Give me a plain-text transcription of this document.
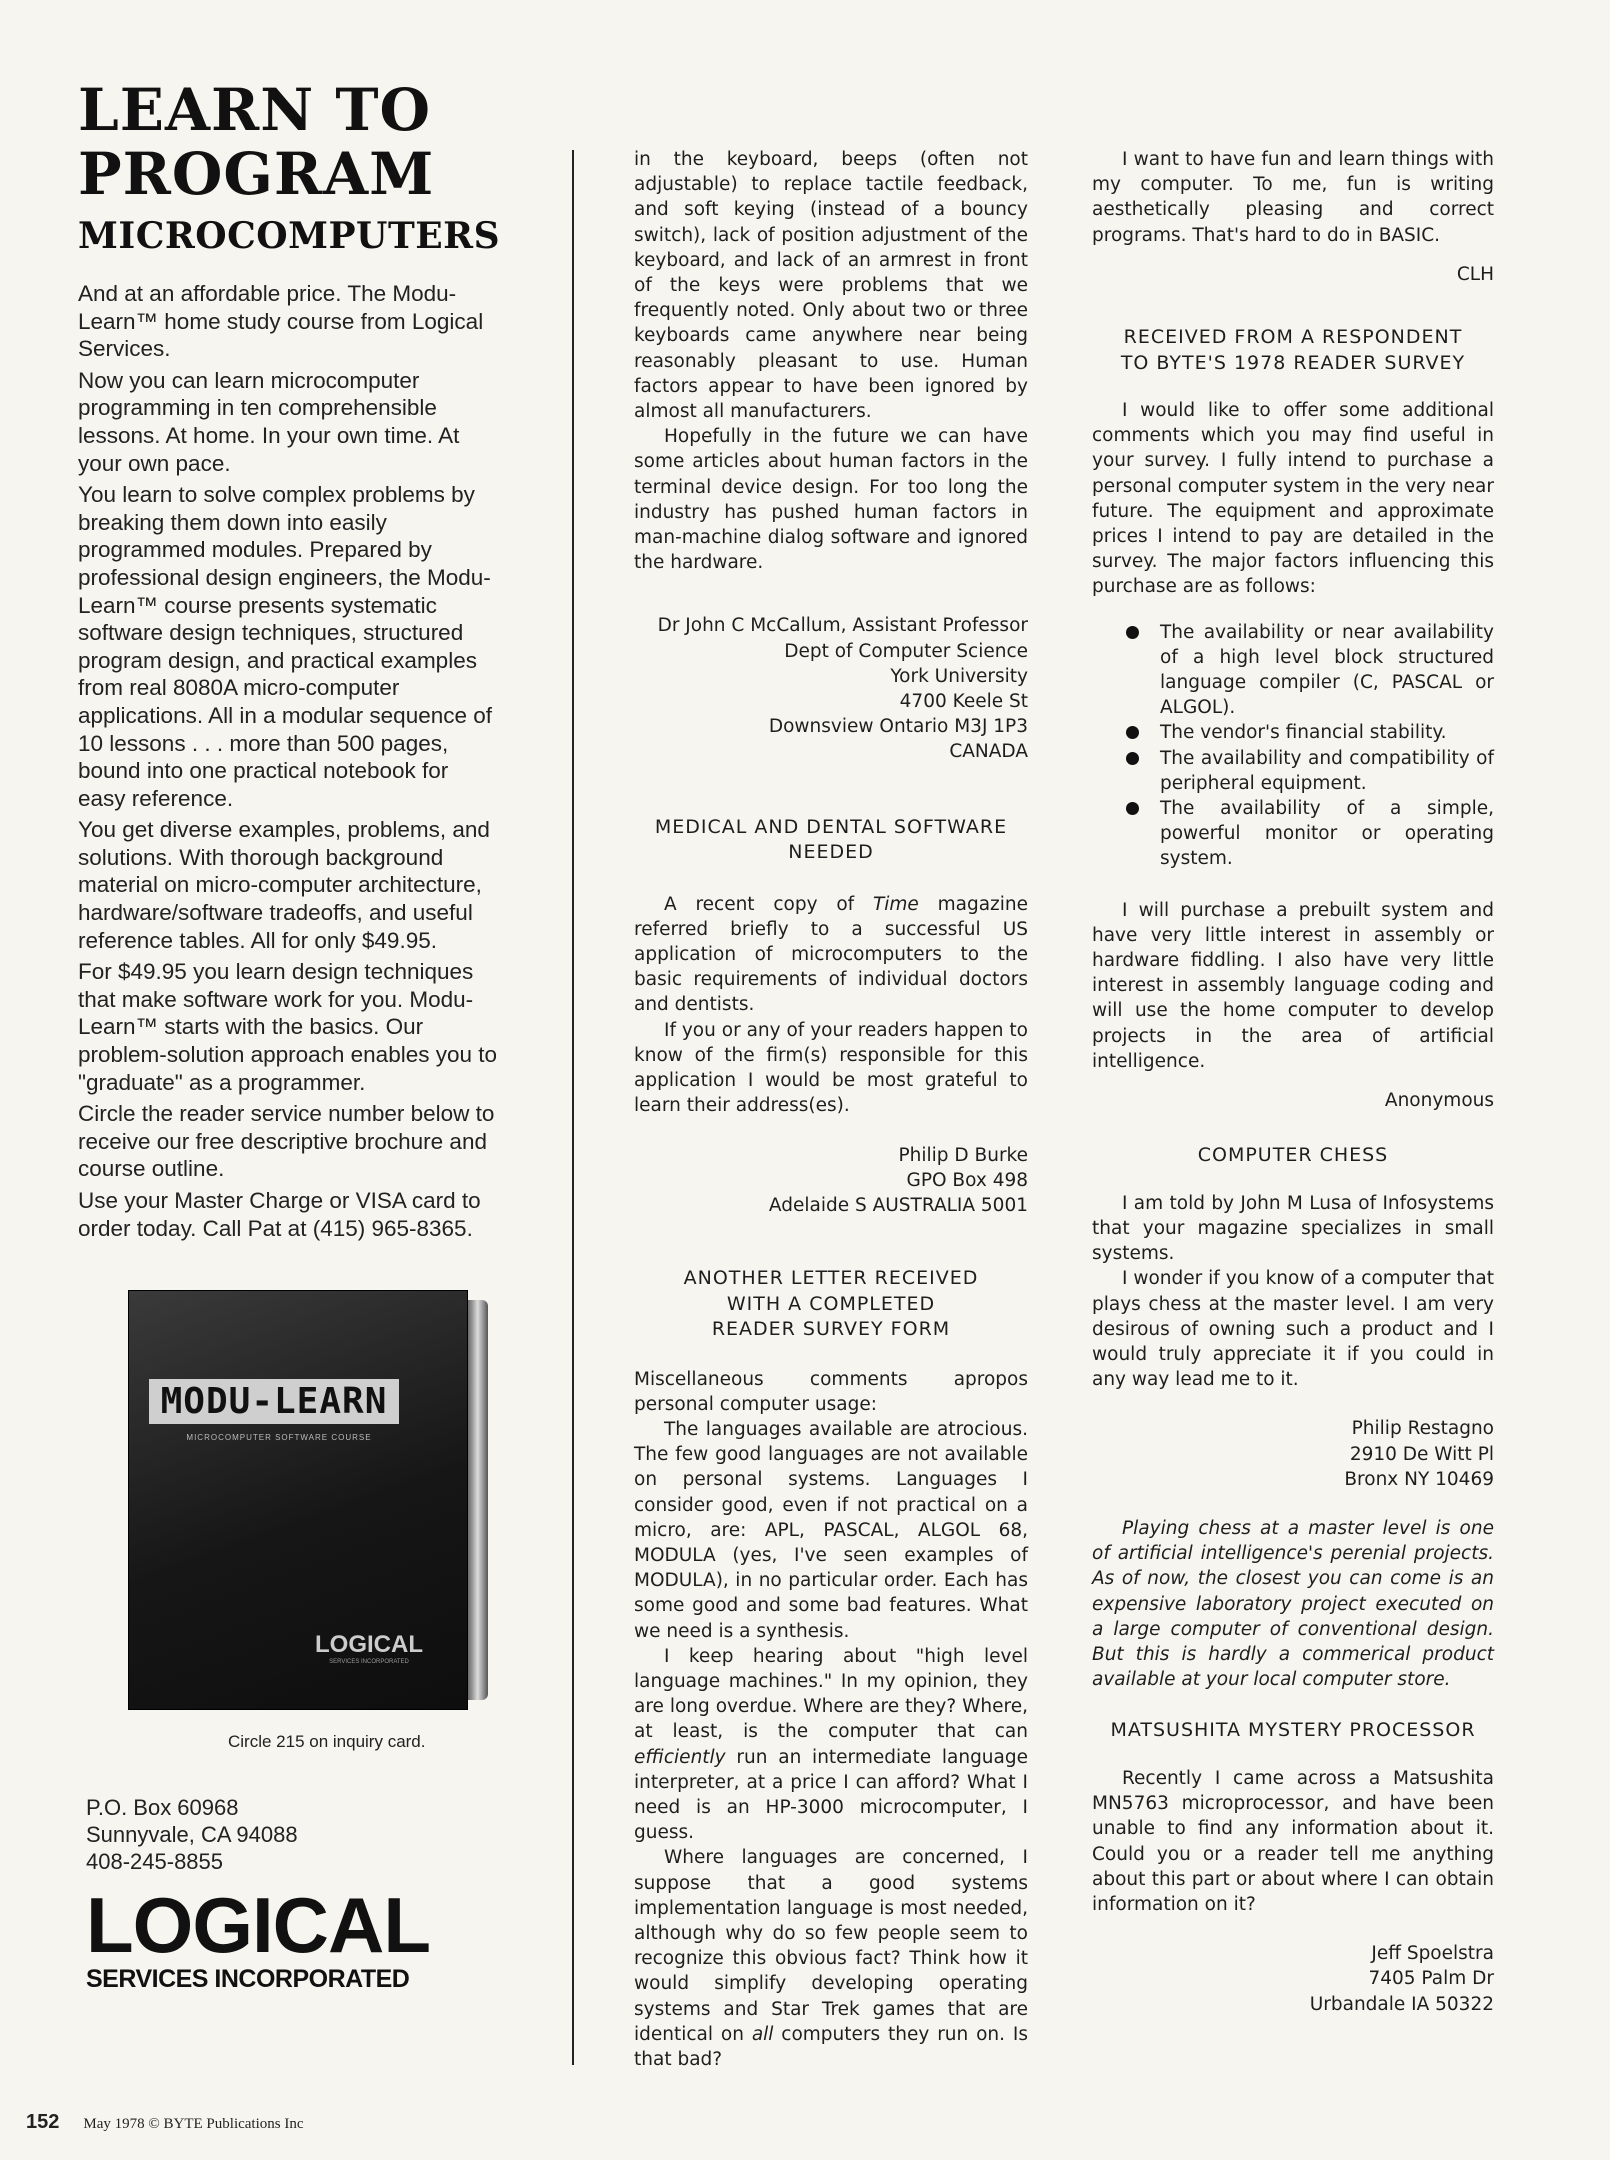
LEARN TO
PROGRAM
MICROCOMPUTERS

And at an affordable price. The Modu-Learn™ home study course from Logical Services.

Now you can learn microcomputer programming in ten comprehensible lessons. At home. In your own time. At your own pace.

You learn to solve complex problems by breaking them down into easily programmed modules. Prepared by professional design engineers, the Modu-Learn™ course presents systematic software design techniques, structured program design, and practical examples from real 8080A micro-computer applications. All in a modular sequence of 10 lessons . . . more than 500 pages, bound into one practical notebook for easy reference.

You get diverse examples, problems, and solutions. With thorough background material on micro-computer architecture, hardware/software tradeoffs, and useful reference tables. All for only $49.95.

For $49.95 you learn design techniques that make software work for you. Modu-Learn™ starts with the basics. Our problem-solution approach enables you to "graduate" as a programmer.

Circle the reader service number below to receive our free descriptive brochure and course outline.

Use your Master Charge or VISA card to order today. Call Pat at (415) 965-8365.

MODU-LEARN
MICROCOMPUTER SOFTWARE COURSE
LOGICAL
SERVICES INCORPORATED
Circle 215 on inquiry card.
P.O. Box 60968
Sunnyvale, CA 94088
408-245-8855
LOGICAL
SERVICES INCORPORATED
152 May 1978 © BYTE Publications Inc

in the keyboard, beeps (often not adjustable) to replace tactile feedback, and soft keying (instead of a bouncy switch), lack of position adjustment of the keyboard, and lack of an armrest in front of the keys were problems that we frequently noted. Only about two or three keyboards came anywhere near being reasonably pleasant to use. Human factors appear to have been ignored by almost all manufacturers.

Hopefully in the future we can have some articles about human factors in the terminal device design. For too long the industry has pushed human factors in man-machine dialog software and ignored the hardware.

Dr John C McCallum, Assistant Professor
Dept of Computer Science
York University
4700 Keele St
Downsview Ontario M3J 1P3
CANADA
MEDICAL AND DENTAL SOFTWARE
NEEDED

A recent copy of Time magazine referred briefly to a successful US application of microcomputers to the basic requirements of individual doctors and dentists.

If you or any of your readers happen to know of the firm(s) responsible for this application I would be most grateful to learn their address(es).

Philip D Burke
GPO Box 498
Adelaide S AUSTRALIA 5001
ANOTHER LETTER RECEIVED
WITH A COMPLETED
READER SURVEY FORM

Miscellaneous comments apropos personal computer usage:

The languages available are atrocious. The few good languages are not available on personal systems. Languages I consider good, even if not practical on a micro, are: APL, PASCAL, ALGOL 68, MODULA (yes, I've seen examples of MODULA), in no particular order. Each has some good and some bad features. What we need is a synthesis.

I keep hearing about "high level language machines." In my opinion, they are long overdue. Where are they? Where, at least, is the computer that can efficiently run an intermediate language interpreter, at a price I can afford? What I need is an HP-3000 microcomputer, I guess.

Where languages are concerned, I suppose that a good systems implementation language is most needed, although why do so few people seem to recognize this obvious fact? Think how it would simplify developing operating systems and Star Trek games that are identical on all computers they run on. Is that bad?

I want to have fun and learn things with my computer. To me, fun is writing aesthetically pleasing and correct programs. That's hard to do in BASIC.

CLH
RECEIVED FROM A RESPONDENT
TO BYTE'S 1978 READER SURVEY

I would like to offer some additional comments which you may find useful in your survey. I fully intend to purchase a personal computer system in the very near future. The equipment and approximate prices I intend to pay are detailed in the survey. The major factors influencing this purchase are as follows:

The availability or near availability of a high level block structured language compiler (C, PASCAL or ALGOL).
The vendor's financial stability.
The availability and compatibility of peripheral equipment.
The availability of a simple, powerful monitor or operating system.

I will purchase a prebuilt system and have very little interest in assembly or hardware fiddling. I also have very little interest in assembly language coding and will use the home computer to develop projects in the area of artificial intelligence.

Anonymous
COMPUTER CHESS

I am told by John M Lusa of Infosystems that your magazine specializes in small systems.

I wonder if you know of a computer that plays chess at the master level. I am very desirous of owning such a product and I would truly appreciate it if you could in any way lead me to it.

Philip Restagno
2910 De Witt Pl
Bronx NY 10469

Playing chess at a master level is one of artificial intelligence's perenial projects. As of now, the closest you can come is an expensive laboratory project executed on a large computer of conventional design. But this is hardly a commerical product available at your local computer store.

MATSUSHITA MYSTERY PROCESSOR

Recently I came across a Matsushita MN5763 microprocessor, and have been unable to find any information about it. Could you or a reader tell me anything about this part or about where I can obtain information on it?

Jeff Spoelstra
7405 Palm Dr
Urbandale IA 50322
